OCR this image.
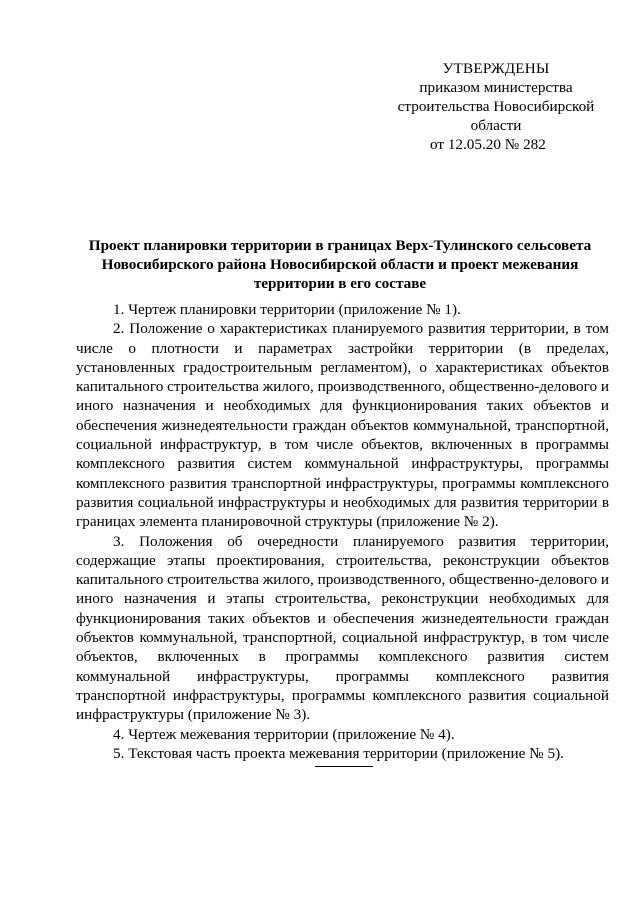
УТВЕРЖДЕНЫ
приказом министерства
строительства Новосибирской
области
от 12.05.20 № 282
Проект планировки территории в границах Верх-Тулинского сельсовета
Новосибирского района Новосибирской области и проект межевания
территории в его составе

1. Чертеж планировки территории (приложение № 1).

2. Положение о характеристиках планируемого развития территории, в том числе о плотности и параметрах застройки территории (в пределах, установленных градостроительным регламентом), о характеристиках объектов капитального строительства жилого, производственного, общественно-делового и иного назначения и необходимых для функционирования таких объектов и обеспечения жизнедеятельности граждан объектов коммунальной, транспортной, социальной инфраструктур, в том числе объектов, включенных в программы комплексного развития систем коммунальной инфраструктуры, программы комплексного развития транспортной инфраструктуры, программы комплексного развития социальной инфраструктуры и необходимых для развития территории в границах элемента планировочной структуры (приложение № 2).

3. Положения об очередности планируемого развития территории, содержащие этапы проектирования, строительства, реконструкции объектов капитального строительства жилого, производственного, общественно-делового и иного назначения и этапы строительства, реконструкции необходимых для функционирования таких объектов и обеспечения жизнедеятельности граждан объектов коммунальной, транспортной, социальной инфраструктур, в том числе объектов, включенных в программы комплексного развития систем коммунальной инфраструктуры, программы комплексного развития транспортной инфраструктуры, программы комплексного развития социальной инфраструктуры (приложение № 3).

4. Чертеж межевания территории (приложение № 4).

5. Текстовая часть проекта межевания территории (приложение № 5).
